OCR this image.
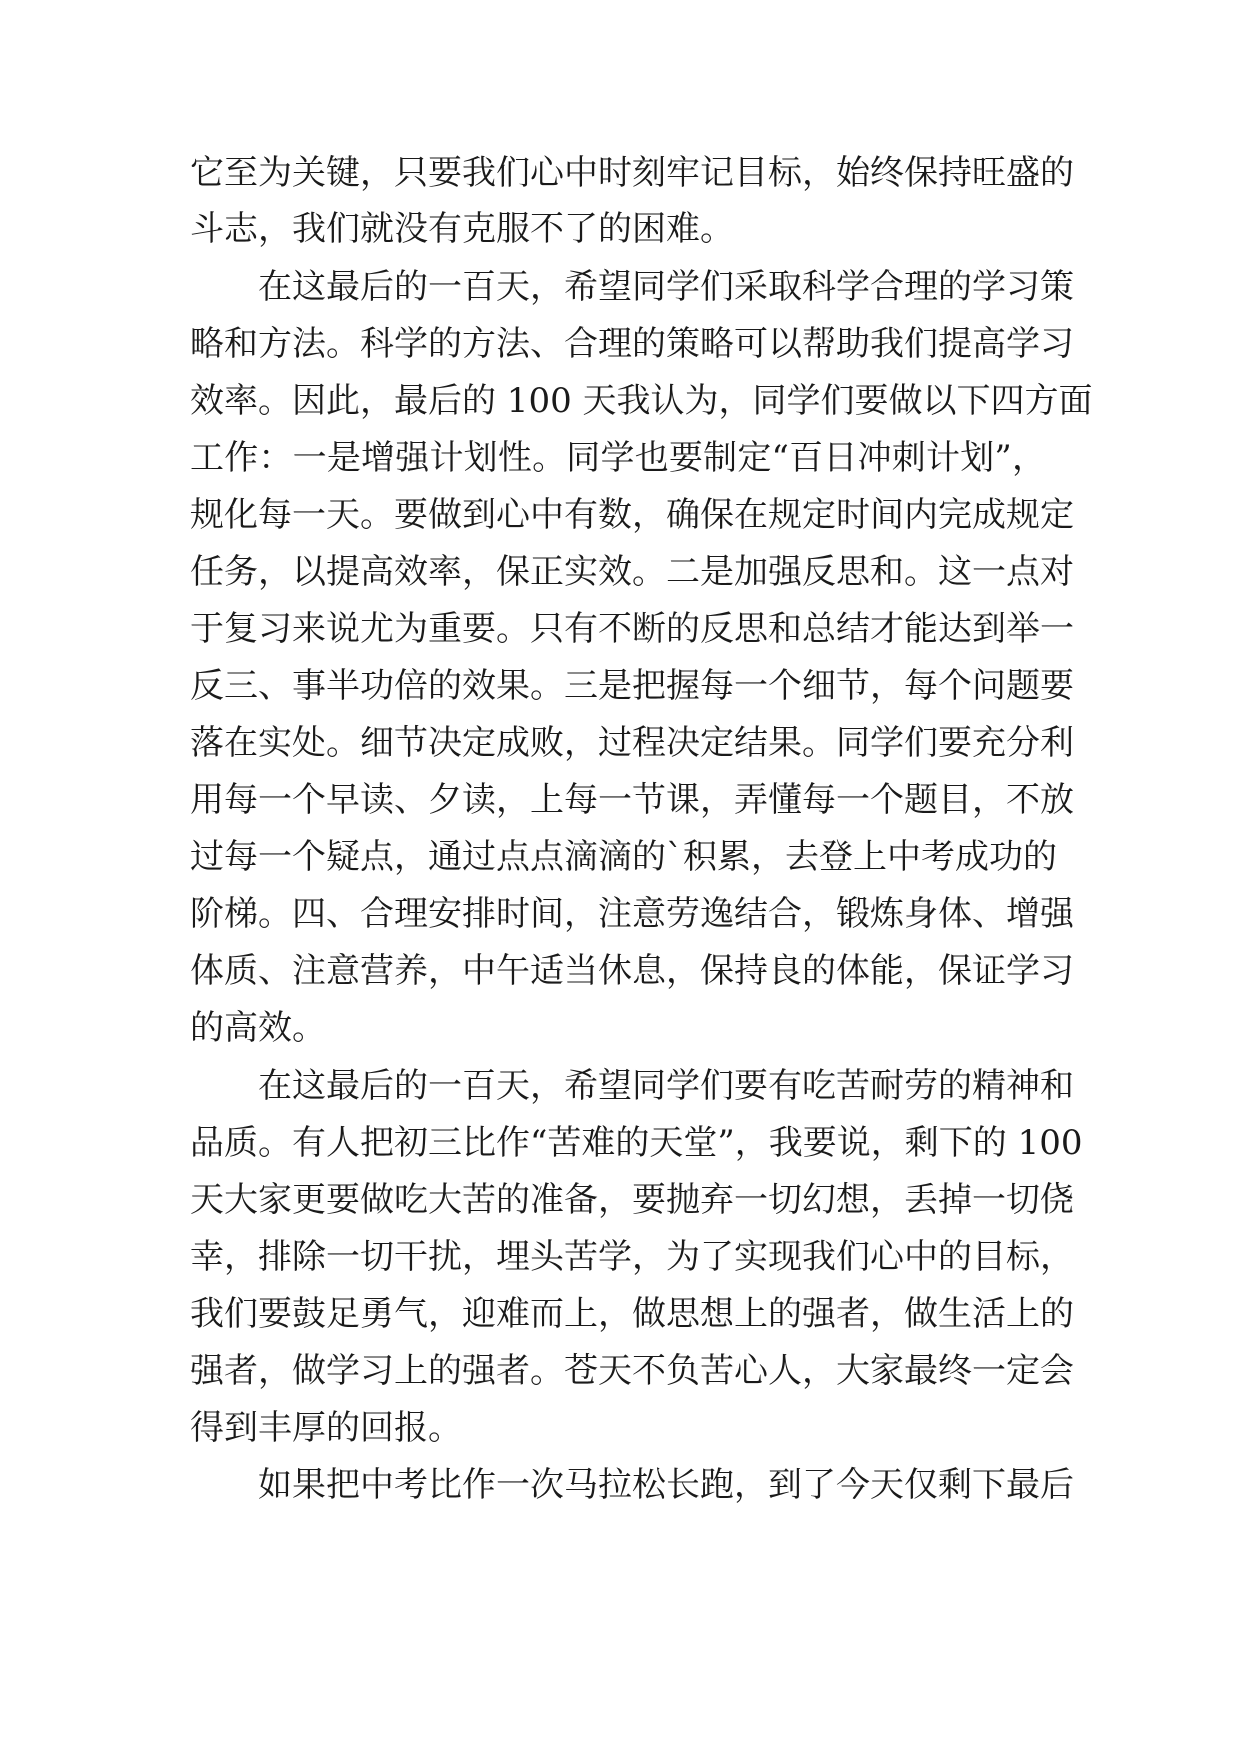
它至为关键，只要我们心中时刻牢记目标，始终保持旺盛的
斗志，我们就没有克服不了的困难。
在这最后的一百天，希望同学们采取科学合理的学习策
略和方法。科学的方法、合理的策略可以帮助我们提高学习
效率。因此，最后的 100 天我认为，同学们要做以下四方面
工作：一是增强计划性。同学也要制定“百日冲刺计划”，
规化每一天。要做到心中有数，确保在规定时间内完成规定
任务，以提高效率，保正实效。二是加强反思和。这一点对
于复习来说尤为重要。只有不断的反思和总结才能达到举一
反三、事半功倍的效果。三是把握每一个细节，每个问题要
落在实处。细节决定成败，过程决定结果。同学们要充分利
用每一个早读、夕读，上每一节课，弄懂每一个题目，不放
过每一个疑点，通过点点滴滴的`积累，去登上中考成功的
阶梯。四、合理安排时间，注意劳逸结合，锻炼身体、增强
体质、注意营养，中午适当休息，保持良的体能，保证学习
的高效。
在这最后的一百天，希望同学们要有吃苦耐劳的精神和
品质。有人把初三比作“苦难的天堂”，我要说，剩下的 100
天大家更要做吃大苦的准备，要抛弃一切幻想，丢掉一切侥
幸，排除一切干扰，埋头苦学，为了实现我们心中的目标，
我们要鼓足勇气，迎难而上，做思想上的强者，做生活上的
强者，做学习上的强者。苍天不负苦心人，大家最终一定会
得到丰厚的回报。
如果把中考比作一次马拉松长跑，到了今天仅剩下最后
